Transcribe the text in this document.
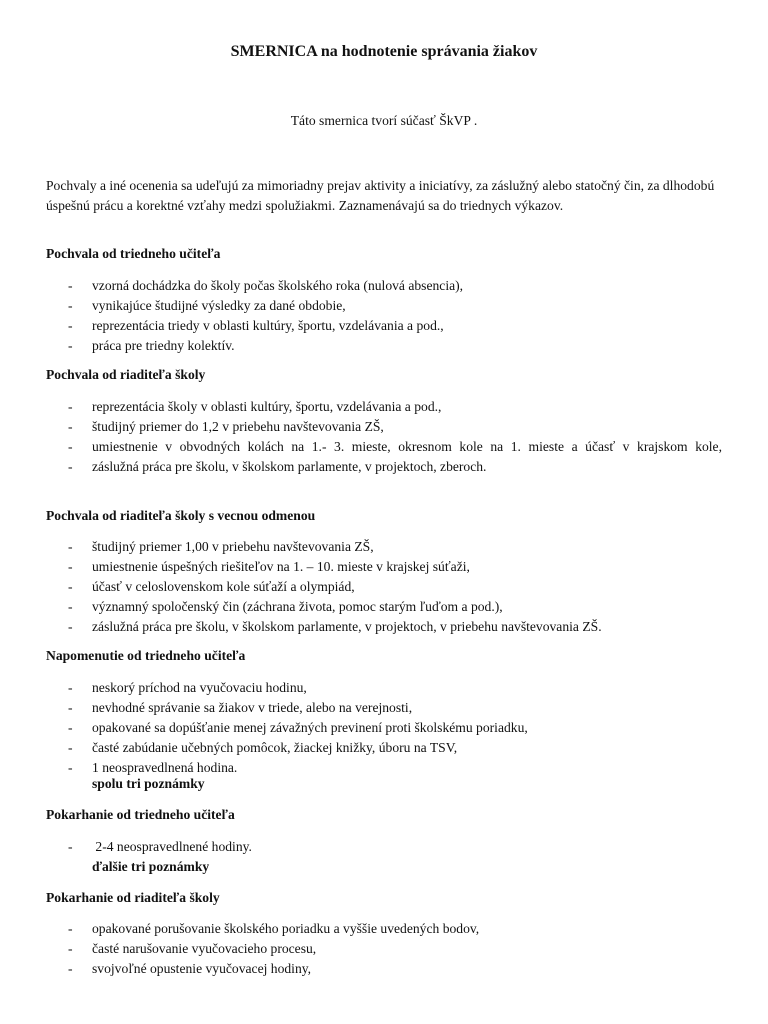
SMERNICA na hodnotenie správania žiakov
Táto smernica tvorí súčasť ŠkVP .
Pochvaly a iné ocenenia sa udeľujú za mimoriadny prejav aktivity a iniciatívy, za záslužný alebo statočný čin, za dlhodobú úspešnú prácu a korektné vzťahy medzi spolužiakmi. Zaznamenávajú sa do triednych výkazov.
Pochvala od triedneho učiteľa
- vzorná dochádzka do školy počas školského roka (nulová absencia),
- vynikajúce študijné výsledky za dané obdobie,
- reprezentácia triedy v oblasti kultúry, športu, vzdelávania a pod.,
- práca pre triedny kolektív.
Pochvala od riaditeľa školy
- reprezentácia školy v oblasti kultúry, športu, vzdelávania a pod.,
- študijný priemer do 1,2 v priebehu navštevovania ZŠ,
- umiestnenie v obvodných kolách na 1.- 3. mieste, okresnom kole na 1. mieste a účasť v krajskom kole,
- záslužná práca pre školu, v školskom parlamente, v projektoch, zberoch.
Pochvala od riaditeľa školy s vecnou odmenou
- študijný priemer 1,00 v priebehu navštevovania ZŠ,
- umiestnenie úspešných riešiteľov na 1. – 10. mieste v krajskej súťaži,
- účasť v celoslovenskom kole súťaží a olympiád,
- významný spoločenský čin (záchrana života, pomoc starým ľuďom a pod.),
- záslužná práca pre školu, v školskom parlamente, v projektoch, v priebehu navštevovania ZŠ.
Napomenutie od triedneho učiteľa
- neskorý príchod na vyučovaciu hodinu,
- nevhodné správanie sa žiakov v triede, alebo na verejnosti,
- opakované sa dopúšťanie menej závažných previnení proti školskému poriadku,
- časté zabúdanie učebných pomôcok, žiackej knižky, úboru na TSV,
- 1 neospravedlnená hodina.
spolu tri poznámky
Pokarhanie od triedneho učiteľa
- 2-4 neospravedlnené hodiny.
ďalšie tri poznámky
Pokarhanie od riaditeľa školy
- opakované porušovanie školského poriadku a vyššie uvedených bodov,
- časté narušovanie vyučovacieho procesu,
- svojvoľné opustenie vyučovacej hodiny,
